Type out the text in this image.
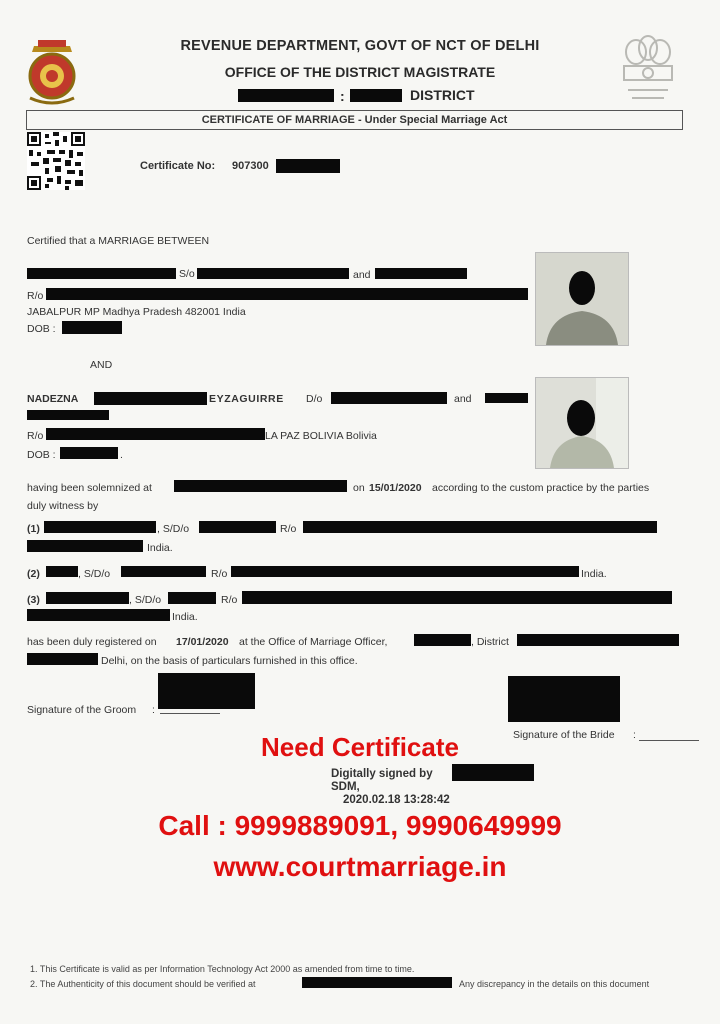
REVENUE DEPARTMENT, GOVT OF NCT OF DELHI
OFFICE OF THE DISTRICT MAGISTRATE
:	DISTRICT
CERTIFICATE OF MARRIAGE - Under Special Marriage Act
Certificate No: 907300
Certified that a MARRIAGE BETWEEN
S/o	and
R/o
JABALPUR MP Madhya Pradesh 482001 India
DOB :
AND
NADEZNA	EYZAGUIRRE D/o	and
R/o	LA PAZ BOLIVIA Bolivia
DOB :	.
having been solemnized at	on 15/01/2020 according to the custom practice by the parties
duly witness by
(1)	, S/D/o	R/o
India.
(2)	, S/D/o	R/o	India.
(3)	, S/D/o	R/o
India.
has been duly registered on 17/01/2020 at the Office of Marriage Officer,	, District
Delhi, on the basis of particulars furnished in this office.
Signature of the Groom :
Signature of the Bride :
Need Certificate
Digitally signed by
SDM,
2020.02.18 13:28:42
Call : 9999889091, 9990649999
www.courtmarriage.in
1. This Certificate is valid as per Information Technology Act 2000 as amended from time to time.
2. The Authenticity of this document should be verified at	Any discrepancy in the details on this document
